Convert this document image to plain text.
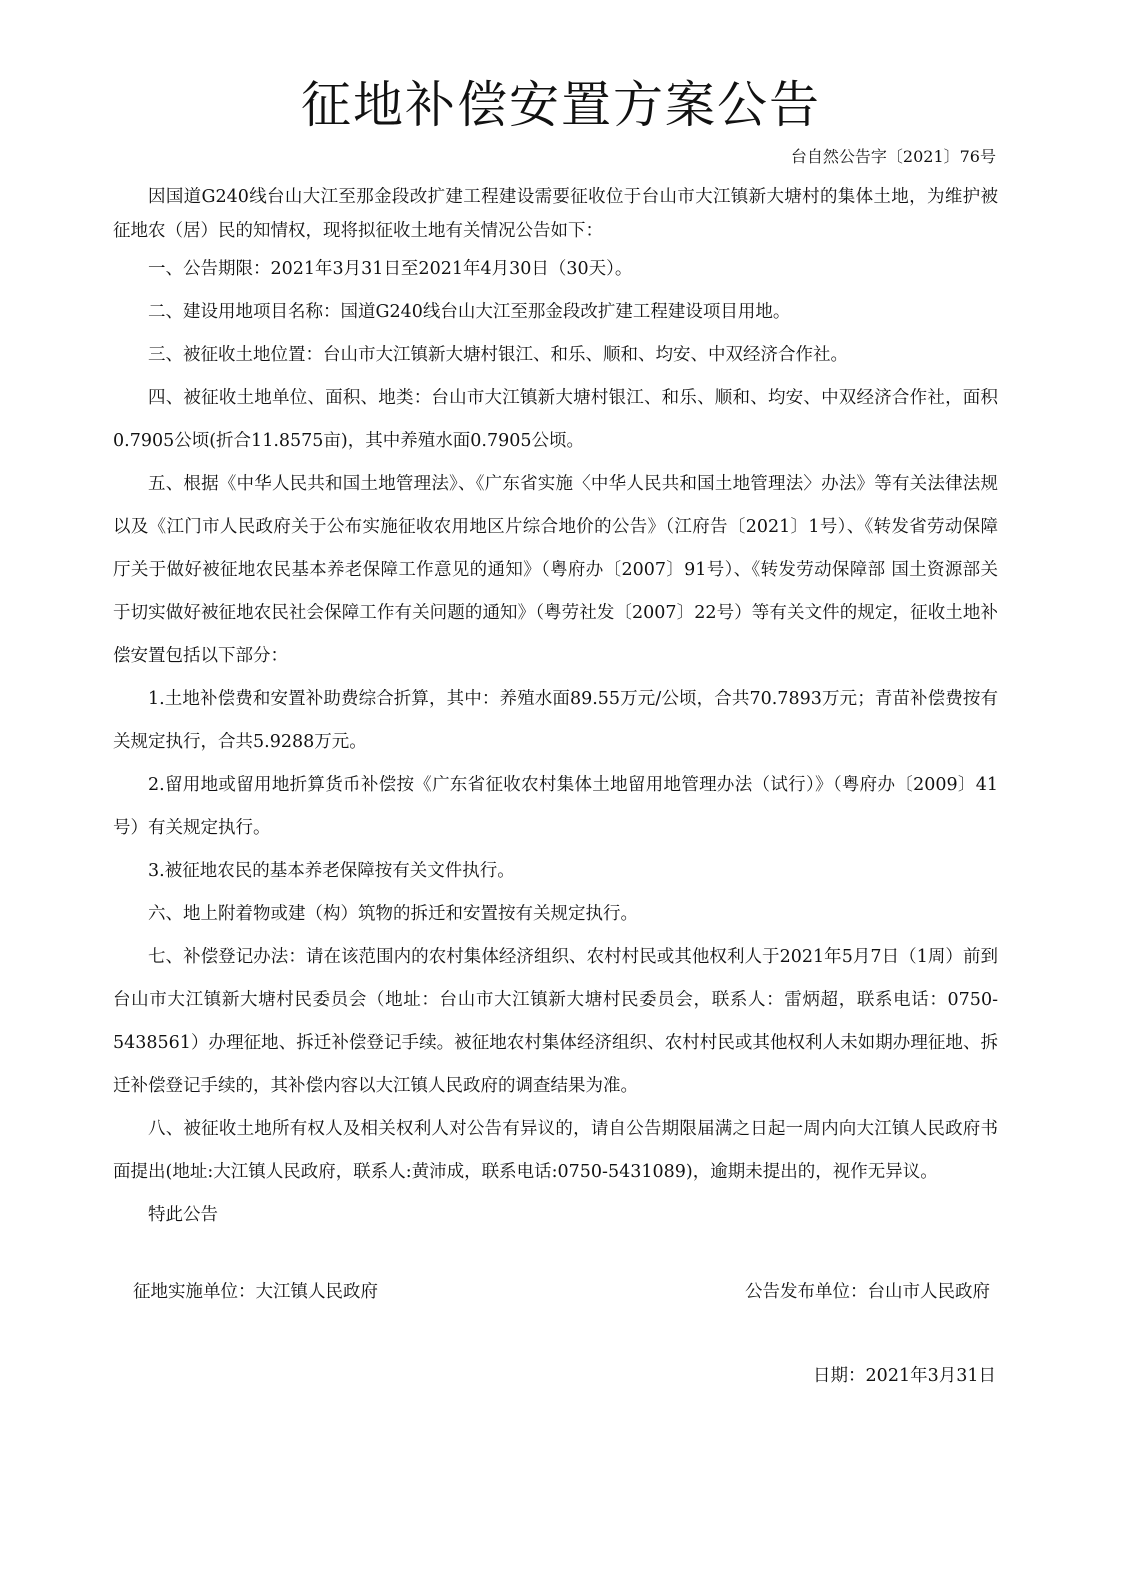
征地补偿安置方案公告
台自然公告字〔2021〕76号

因国道G240线台山大江至那金段改扩建工程建设需要征收位于台山市大江镇新大塘村的集体土地，为维护被征地农（居）民的知情权，现将拟征收土地有关情况公告如下：

一、公告期限：2021年3月31日至2021年4月30日（30天）。

二、建设用地项目名称：国道G240线台山大江至那金段改扩建工程建设项目用地。

三、被征收土地位置：台山市大江镇新大塘村银江、和乐、顺和、均安、中双经济合作社。

四、被征收土地单位、面积、地类：台山市大江镇新大塘村银江、和乐、顺和、均安、中双经济合作社，面积0.7905公顷(折合11.8575亩)，其中养殖水面0.7905公顷。

五、根据《中华人民共和国土地管理法》、《广东省实施〈中华人民共和国土地管理法〉办法》等有关法律法规以及《江门市人民政府关于公布实施征收农用地区片综合地价的公告》（江府告〔2021〕1号）、《转发省劳动保障厅关于做好被征地农民基本养老保障工作意见的通知》（粤府办〔2007〕91号）、《转发劳动保障部 国土资源部关于切实做好被征地农民社会保障工作有关问题的通知》（粤劳社发〔2007〕22号）等有关文件的规定，征收土地补偿安置包括以下部分：

1.土地补偿费和安置补助费综合折算，其中：养殖水面89.55万元/公顷，合共70.7893万元；青苗补偿费按有关规定执行，合共5.9288万元。

2.留用地或留用地折算货币补偿按《广东省征收农村集体土地留用地管理办法（试行）》（粤府办〔2009〕41号）有关规定执行。

3.被征地农民的基本养老保障按有关文件执行。

六、地上附着物或建（构）筑物的拆迁和安置按有关规定执行。

七、补偿登记办法：请在该范围内的农村集体经济组织、农村村民或其他权利人于2021年5月7日（1周）前到台山市大江镇新大塘村民委员会（地址：台山市大江镇新大塘村民委员会，联系人：雷炳超，联系电话：0750-5438561）办理征地、拆迁补偿登记手续。被征地农村集体经济组织、农村村民或其他权利人未如期办理征地、拆迁补偿登记手续的，其补偿内容以大江镇人民政府的调查结果为准。

八、被征收土地所有权人及相关权利人对公告有异议的，请自公告期限届满之日起一周内向大江镇人民政府书面提出(地址:大江镇人民政府，联系人:黄沛成，联系电话:0750-5431089)，逾期未提出的，视作无异议。

特此公告

征地实施单位：大江镇人民政府	公告发布单位：台山市人民政府
日期：2021年3月31日
